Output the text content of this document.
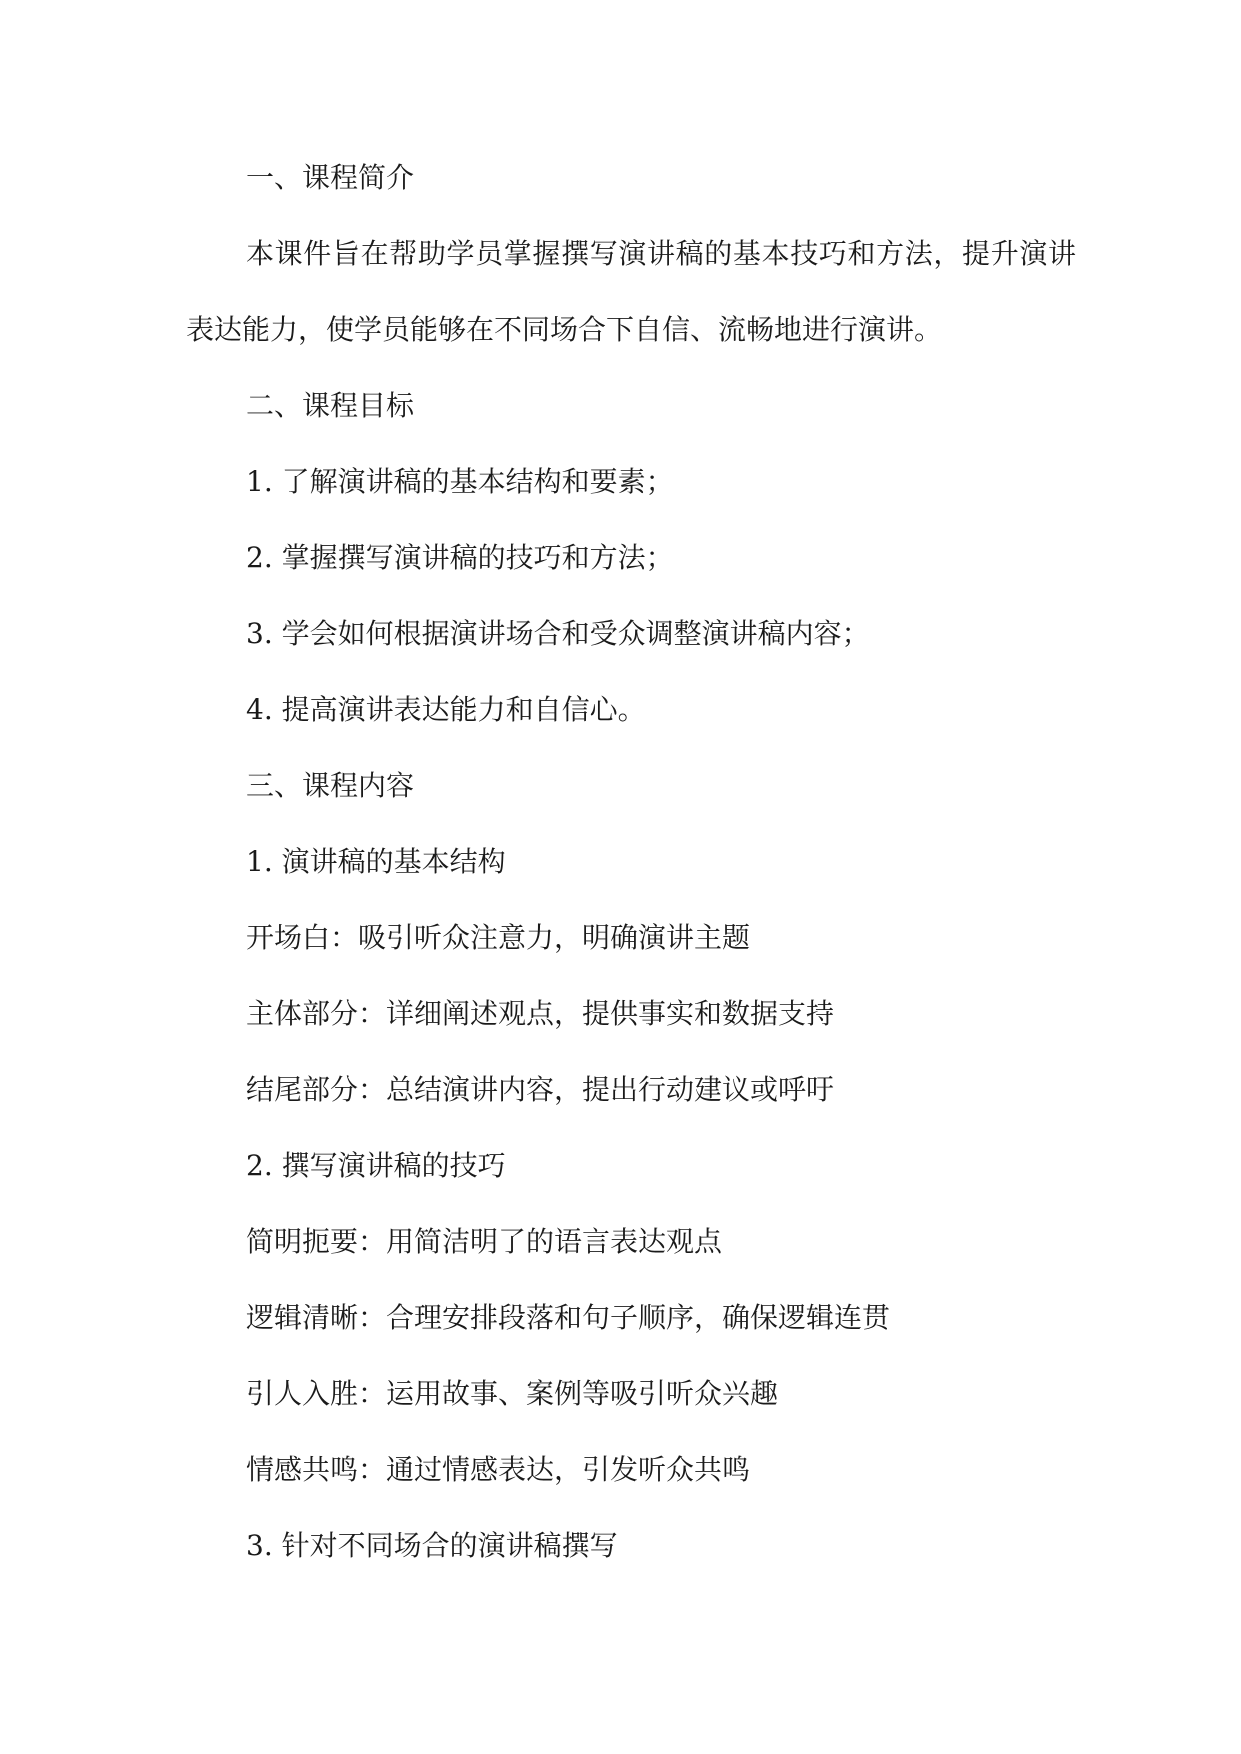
一、课程简介
本课件旨在帮助学员掌握撰写演讲稿的基本技巧和方法，提升演讲表达能力，使学员能够在不同场合下自信、流畅地进行演讲。
二、课程目标
1. 了解演讲稿的基本结构和要素；
2. 掌握撰写演讲稿的技巧和方法；
3. 学会如何根据演讲场合和受众调整演讲稿内容；
4. 提高演讲表达能力和自信心。
三、课程内容
1. 演讲稿的基本结构
开场白：吸引听众注意力，明确演讲主题
主体部分：详细阐述观点，提供事实和数据支持
结尾部分：总结演讲内容，提出行动建议或呼吁
2. 撰写演讲稿的技巧
简明扼要：用简洁明了的语言表达观点
逻辑清晰：合理安排段落和句子顺序，确保逻辑连贯
引人入胜：运用故事、案例等吸引听众兴趣
情感共鸣：通过情感表达，引发听众共鸣
3. 针对不同场合的演讲稿撰写
